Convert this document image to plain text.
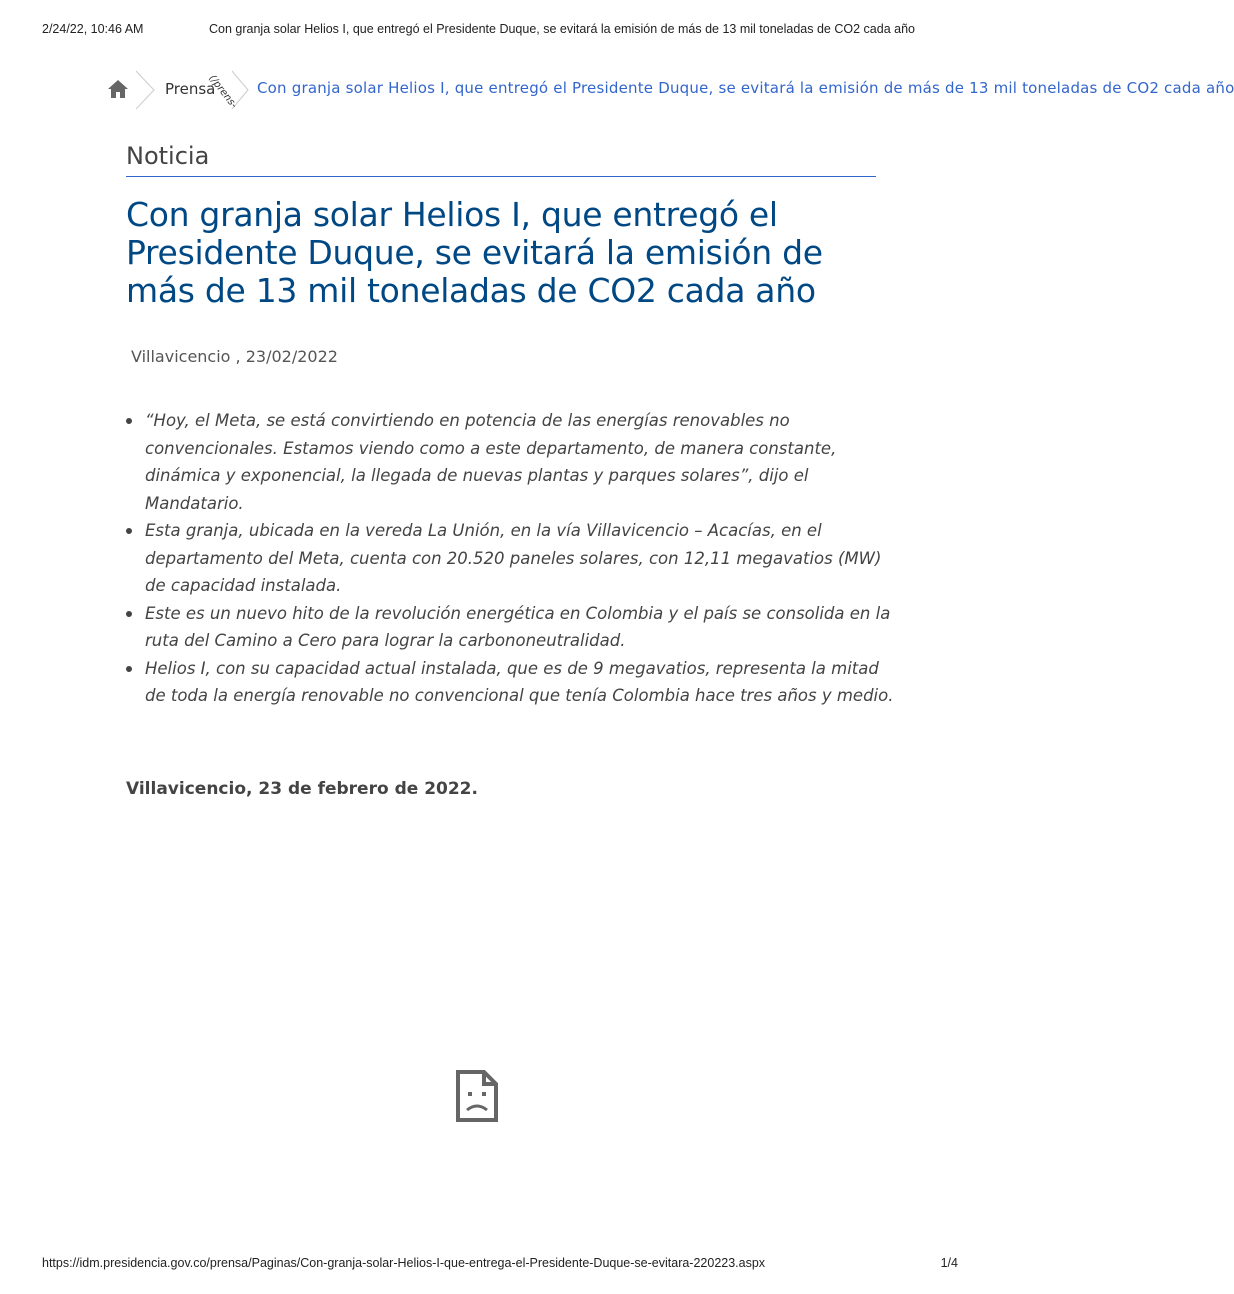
2/24/22, 10:46 AM	Con granja solar Helios I, que entregó el Presidente Duque, se evitará la emisión de más de 13 mil toneladas de CO2 cada año
Prensa
(/prens- Con granja solar Helios I, que entregó el Presidente Duque, se evitará la emisión de más de 13 mil toneladas de CO2 cada año
Noticia
Con granja solar Helios I, que entregó el Presidente Duque, se evitará la emisión de más de 13 mil toneladas de CO2 cada año
Villavicencio , 23/02/2022
“Hoy, el Meta, se está convirtiendo en potencia de las energías renovables no convencionales. Estamos viendo como a este departamento, de manera constante, dinámica y exponencial, la llegada de nuevas plantas y parques solares”, dijo el Mandatario.
Esta granja, ubicada en la vereda La Unión, en la vía Villavicencio – Acacías, en el departamento del Meta, cuenta con 20.520 paneles solares, con 12,11 megavatios (MW) de capacidad instalada.
Este es un nuevo hito de la revolución energética en Colombia y el país se consolida en la ruta del Camino a Cero para lograr la carbononeutralidad.
Helios I, con su capacidad actual instalada, que es de 9 megavatios, representa la mitad de toda la energía renovable no convencional que tenía Colombia hace tres años y medio.

Villavicencio, 23 de febrero de 2022.

https://idm.presidencia.gov.co/prensa/Paginas/Con-granja-solar-Helios-I-que-entrega-el-Presidente-Duque-se-evitara-220223.aspx	1/4
